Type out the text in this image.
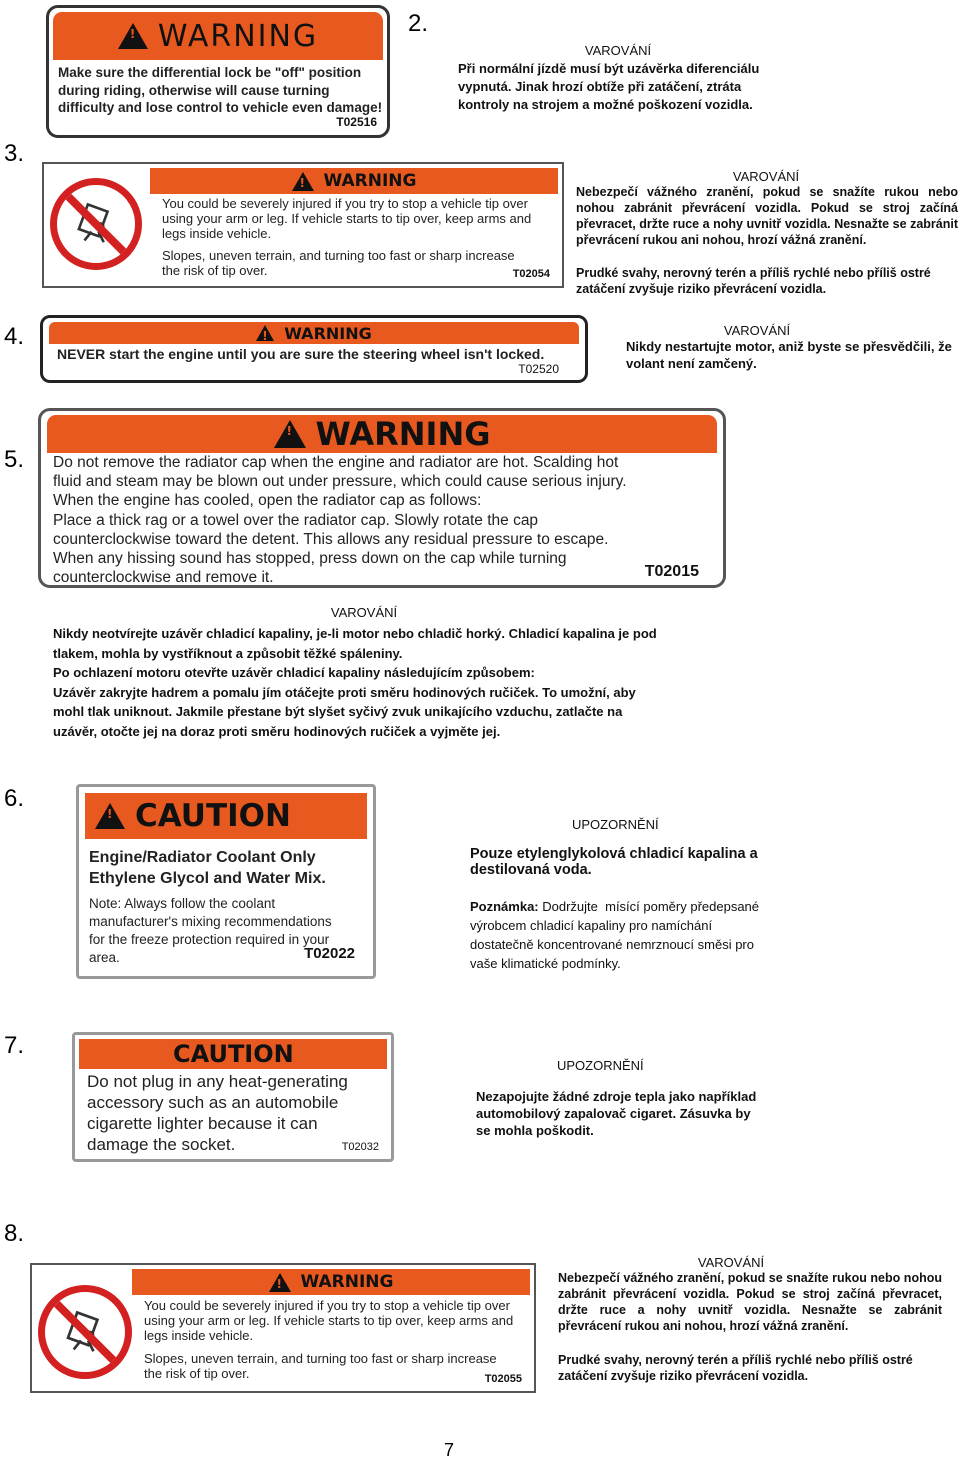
2.
3.
4.
5.
6.
7.
8.
!
WARNING
Make sure the differential lock be "off" position during riding, otherwise will cause turning difficulty and lose control to vehicle even damage!
T02516
VAROVÁNÍ
Při normální jízdě musí být uzávěrka diferenciálu vypnutá. Jinak hrozí obtíže při zatáčení, ztráta kontroly na strojem a možné poškození vozidla.
!
WARNING
You could be severely injured if you try to stop a vehicle tip over using your arm or leg. If vehicle starts to tip over, keep arms and legs inside vehicle.
Slopes, uneven terrain, and turning too fast or sharp increase the risk of tip over.	T02054
VAROVÁNÍ
Nebezpečí vážného zranění, pokud se snažíte rukou nebo nohou zabránit převrácení vozidla. Pokud se stroj začíná převracet, držte ruce a nohy uvnitř vozidla. Nesnažte se zabránit převrácení rukou ani nohou, hrozí vážná zranění.
Prudké svahy, nerovný terén a příliš rychlé nebo příliš ostré zatáčení zvyšuje riziko převrácení vozidla.
!
WARNING
NEVER start the engine until you are sure the steering wheel isn't locked.
T02520
VAROVÁNÍ
Nikdy nestartujte motor, aniž byste se přesvědčili, že volant není zamčený.
!
WARNING
Do not remove the radiator cap when the engine and radiator are hot. Scalding hot
fluid and steam may be blown out under pressure, which could cause serious injury.
When the engine has cooled, open the radiator cap as follows:
Place a thick rag or a towel over the radiator cap. Slowly rotate the cap
counterclockwise toward the detent. This allows any residual pressure to escape.
When any hissing sound has stopped, press down on the cap while turning
counterclockwise and remove it.	T02015
VAROVÁNÍ
Nikdy neotvírejte uzávěr chladicí kapaliny, je-li motor nebo chladič horký. Chladicí kapalina je pod
tlakem, mohla by vystříknout a způsobit těžké spáleniny.
Po ochlazení motoru otevřte uzávěr chladicí kapaliny následujícím způsobem:
Uzávěr zakryjte hadrem a pomalu jím otáčejte proti směru hodinových ručiček. To umožní, aby
mohl tlak uniknout. Jakmile přestane být slyšet syčivý zvuk unikajícího vzduchu, zatlačte na
uzávěr, otočte jej na doraz proti směru hodinových ručiček a vyjměte jej.
!
CAUTION
Engine/Radiator Coolant Only
Ethylene Glycol and Water Mix.
Note: Always follow the coolant
manufacturer's mixing recommendations
for the freeze protection required in your
area.	T02022
UPOZORNĚNÍ
Pouze etylenglykolová chladicí kapalina a destilovaná voda.
Poznámka: Dodržujte  mísící poměry předepsané
výrobcem chladicí kapaliny pro namíchání
dostatečně koncentrované nemrznoucí směsi pro
vaše klimatické podmínky.
CAUTION
Do not plug in any heat-generating
accessory such as an automobile
cigarette lighter because it can
damage the socket.	T02032
UPOZORNĚNÍ
Nezapojujte žádné zdroje tepla jako například automobilový zapalovač cigaret. Zásuvka by se mohla poškodit.
!
WARNING
You could be severely injured if you try to stop a vehicle tip over using your arm or leg. If vehicle starts to tip over, keep arms and legs inside vehicle.
Slopes, uneven terrain, and turning too fast or sharp increase the risk of tip over.	T02055
VAROVÁNÍ
Nebezpečí vážného zranění, pokud se snažíte rukou nebo nohou zabránit převrácení vozidla. Pokud se stroj začíná převracet, držte ruce a nohy uvnitř vozidla. Nesnažte se zabránit převrácení rukou ani nohou, hrozí vážná zranění.
Prudké svahy, nerovný terén a příliš rychlé nebo příliš ostré zatáčení zvyšuje riziko převrácení vozidla.
7
